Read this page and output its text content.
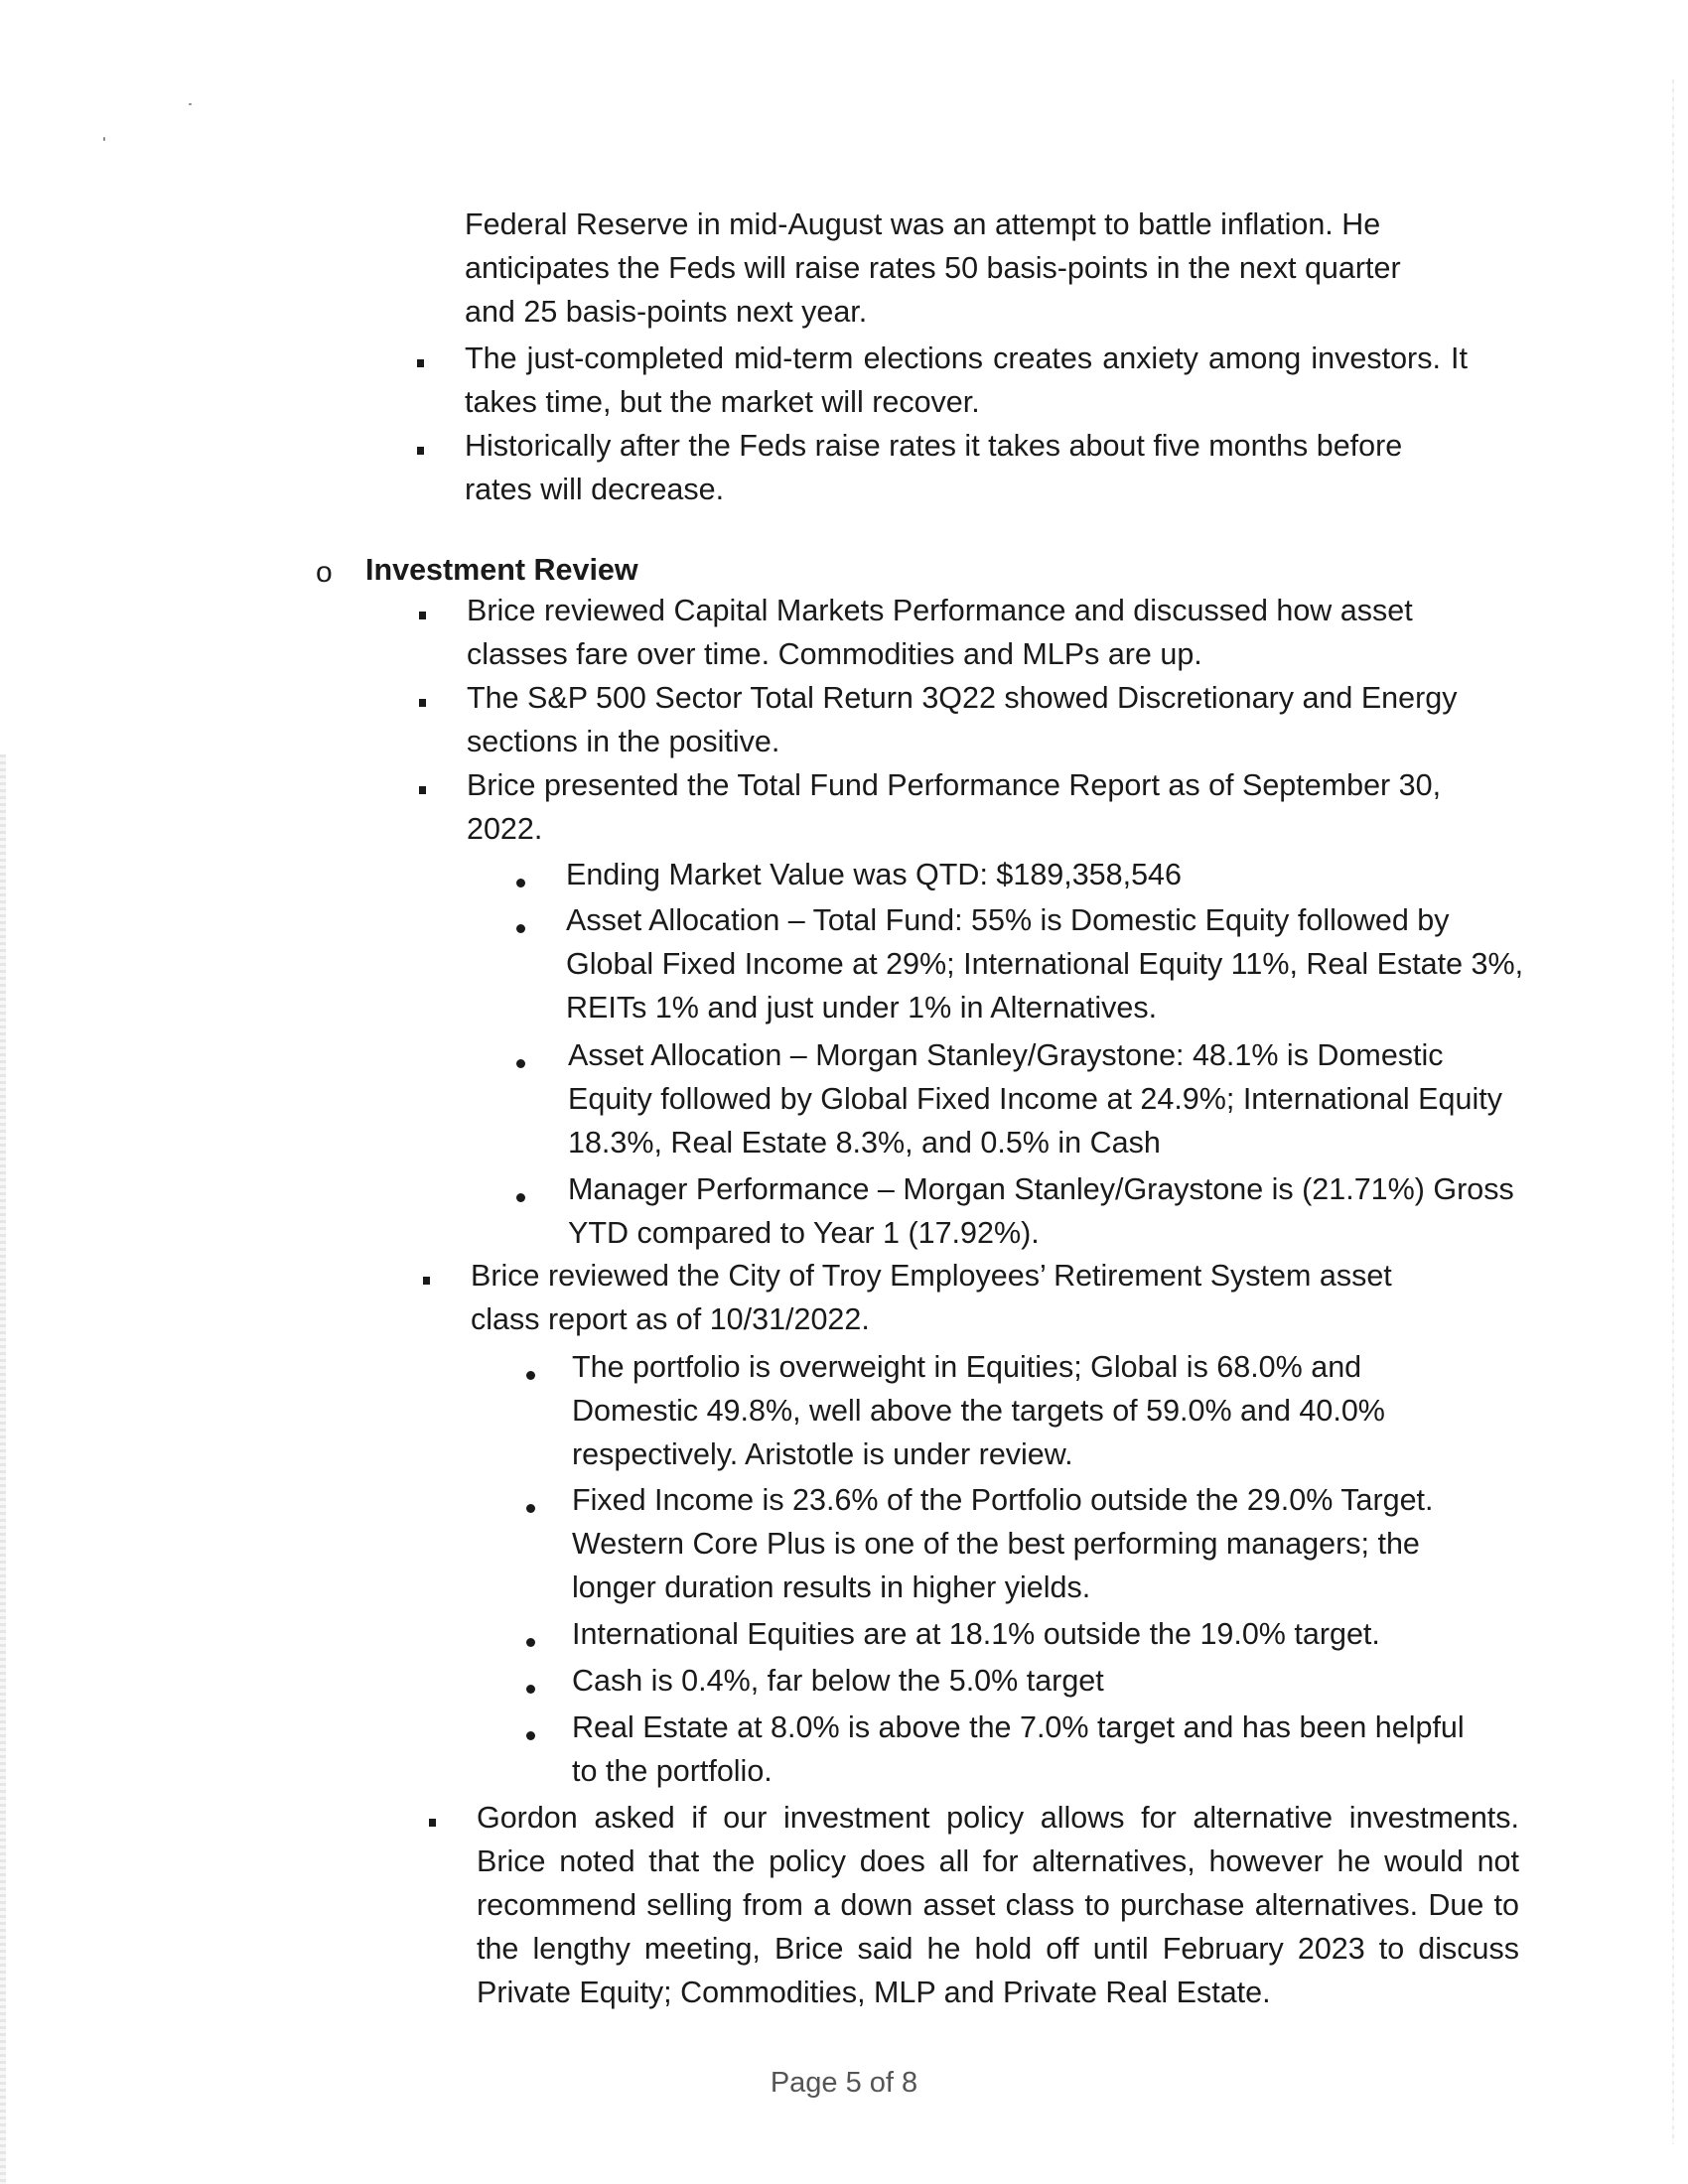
Federal Reserve in mid-August was an attempt to battle inflation. He anticipates the Feds will raise rates 50 basis-points in the next quarter and 25 basis-points next year.

The just-completed mid-term elections creates anxiety among investors. It takes time, but the market will recover.
Historically after the Feds raise rates it takes about five months before rates will decrease.
o Investment Review
Brice reviewed Capital Markets Performance and discussed how asset classes fare over time. Commodities and MLPs are up.
The S&P 500 Sector Total Return 3Q22 showed Discretionary and Energy sections in the positive.
Brice presented the Total Fund Performance Report as of September 30, 2022.
Ending Market Value was QTD: $189,358,546
Asset Allocation – Total Fund: 55% is Domestic Equity followed by Global Fixed Income at 29%; International Equity 11%, Real Estate 3%, REITs 1% and just under 1% in Alternatives.
Asset Allocation – Morgan Stanley/Graystone: 48.1% is Domestic Equity followed by Global Fixed Income at 24.9%; International Equity 18.3%, Real Estate 8.3%, and 0.5% in Cash
Manager Performance – Morgan Stanley/Graystone is (21.71%) Gross YTD compared to Year 1 (17.92%).
Brice reviewed the City of Troy Employees’ Retirement System asset class report as of 10/31/2022.
The portfolio is overweight in Equities; Global is 68.0% and Domestic 49.8%, well above the targets of 59.0% and 40.0% respectively. Aristotle is under review.
Fixed Income is 23.6% of the Portfolio outside the 29.0% Target. Western Core Plus is one of the best performing managers; the longer duration results in higher yields.
International Equities are at 18.1% outside the 19.0% target.
Cash is 0.4%, far below the 5.0% target
Real Estate at 8.0% is above the 7.0% target and has been helpful to the portfolio.
Gordon asked if our investment policy allows for alternative investments. Brice noted that the policy does all for alternatives, however he would not recommend selling from a down asset class to purchase alternatives. Due to the lengthy meeting, Brice said he hold off until February 2023 to discuss Private Equity; Commodities, MLP and Private Real Estate.
Page 5 of 8
